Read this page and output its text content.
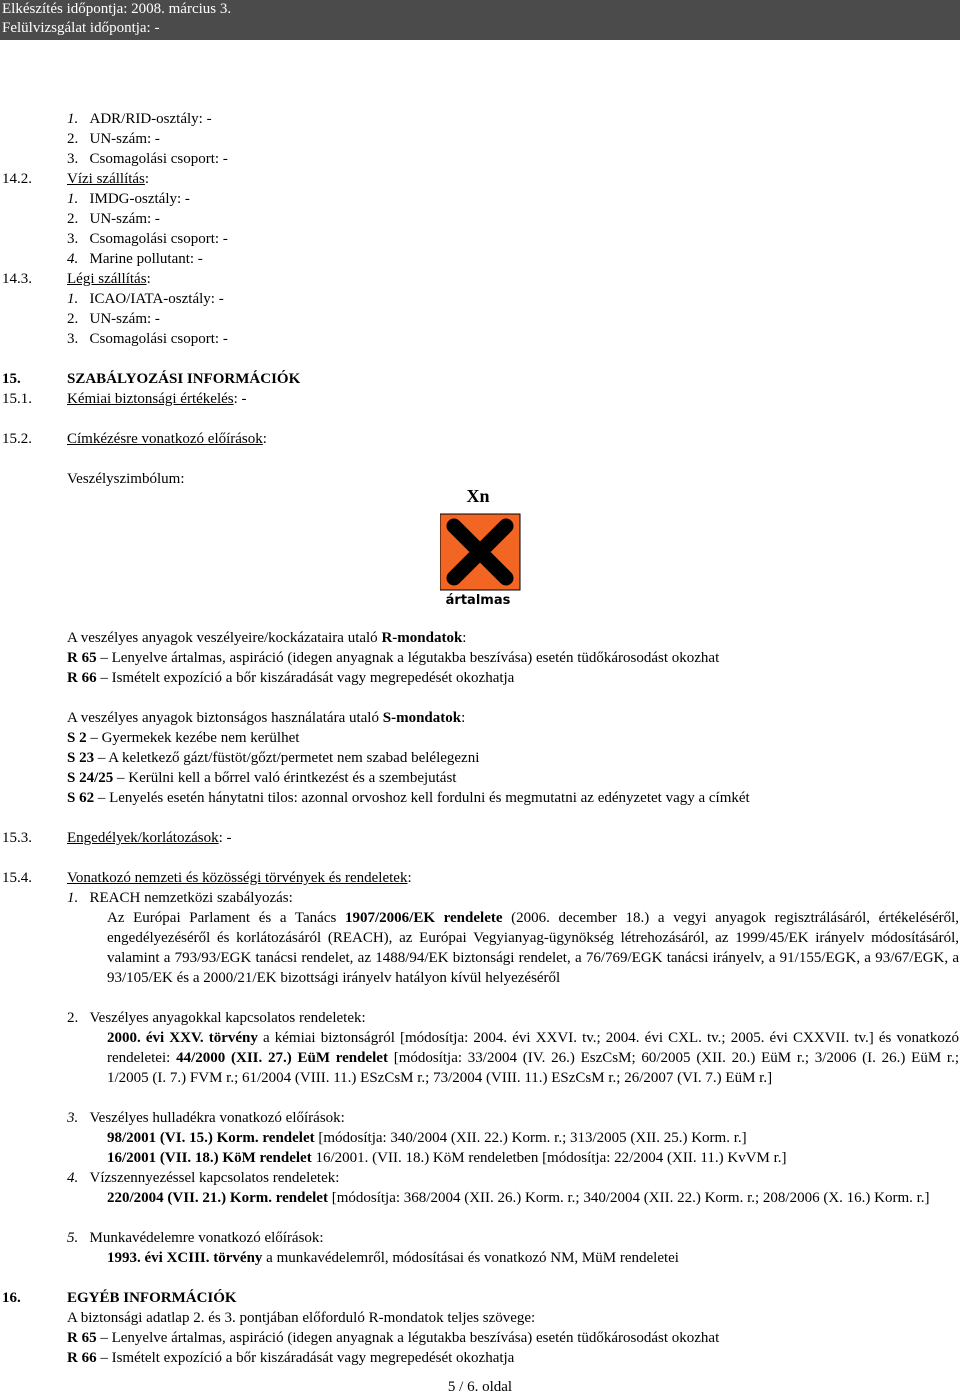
Elkészítés időpontja: 2008. március 3.
Felülvizsgálat időpontja: -
1. ADR/RID-osztály: -
2.   UN-szám: -
3.   Csomagolási csoport: -
14.2. Vízi szállítás:
1. IMDG-osztály: -
2.   UN-szám: -
3.   Csomagolási csoport: -
4. Marine pollutant: -
14.3. Légi szállítás:
1. ICAO/IATA-osztály: -
2.   UN-szám: -
3.   Csomagolási csoport: -
15.	SZABÁLYOZÁSI INFORMÁCIÓK
15.1. Kémiai biztonsági értékelés: -
15.2. Címkézésre vonatkozó előírások:
Veszélyszimbólum:
Xn
ártalmas
A veszélyes anyagok veszélyeire/kockázataira utaló R-mondatok:
R 65 – Lenyelve ártalmas, aspiráció (idegen anyagnak a légutakba beszívása) esetén tüdőkárosodást okozhat
R 66 – Ismételt expozíció a bőr kiszáradását vagy megrepedését okozhatja
A veszélyes anyagok biztonságos használatára utaló S-mondatok:
S 2 – Gyermekek kezébe nem kerülhet
S 23 – A keletkező gázt/füstöt/gőzt/permetet nem szabad belélegezni
S 24/25 – Kerülni kell a bőrrel való érintkezést és a szembejutást
S 62 – Lenyelés esetén hánytatni tilos: azonnal orvoshoz kell fordulni és megmutatni az edényzetet vagy a címkét
15.3. Engedélyek/korlátozások: -
15.4. Vonatkozó nemzeti és közösségi törvények és rendeletek:
1. REACH nemzetközi szabályozás:
Az Európai Parlament és a Tanács 1907/2006/EK rendelete (2006. december 18.) a vegyi anyagok regisztrálásáról, értékeléséről, engedélyezéséről és korlátozásáról (REACH), az Európai Vegyianyag-ügynökség létrehozásáról, az 1999/45/EK irányelv módosításáról, valamint a 793/93/EGK tanácsi rendelet, az 1488/94/EK biztonsági rendelet, a 76/769/EGK tanácsi irányelv, a 91/155/EGK, a 93/67/EGK, a 93/105/EK és a 2000/21/EK bizottsági irányelv hatályon kívül helyezéséről
2.   Veszélyes anyagokkal kapcsolatos rendeletek:
2000. évi XXV. törvény a kémiai biztonságról [módosítja: 2004. évi XXVI. tv.; 2004. évi CXL. tv.; 2005. évi CXXVII. tv.] és vonatkozó rendeletei: 44/2000 (XII. 27.) EüM rendelet [módosítja: 33/2004 (IV. 26.) EszCsM; 60/2005 (XII. 20.) EüM r.; 3/2006 (I. 26.) EüM r.; 1/2005 (I. 7.) FVM r.; 61/2004 (VIII. 11.) ESzCsM r.; 73/2004 (VIII. 11.) ESzCsM r.; 26/2007 (VI. 7.) EüM r.]
3. Veszélyes hulladékra vonatkozó előírások:
98/2001 (VI. 15.) Korm. rendelet [módosítja: 340/2004 (XII. 22.) Korm. r.; 313/2005 (XII. 25.) Korm. r.]
16/2001 (VII. 18.) KöM rendelet 16/2001. (VII. 18.) KöM rendeletben [módosítja: 22/2004 (XII. 11.) KvVM r.]
4. Vízszennyezéssel kapcsolatos rendeletek:
220/2004 (VII. 21.) Korm. rendelet [módosítja: 368/2004 (XII. 26.) Korm. r.; 340/2004 (XII. 22.) Korm. r.; 208/2006 (X. 16.) Korm. r.]
5. Munkavédelemre vonatkozó előírások:
1993. évi XCIII. törvény a munkavédelemről, módosításai és vonatkozó NM, MüM rendeletei
16.	EGYÉB INFORMÁCIÓK
A biztonsági adatlap 2. és 3. pontjában előforduló R-mondatok teljes szövege:
R 65 – Lenyelve ártalmas, aspiráció (idegen anyagnak a légutakba beszívása) esetén tüdőkárosodást okozhat
R 66 – Ismételt expozíció a bőr kiszáradását vagy megrepedését okozhatja
5 / 6. oldal
